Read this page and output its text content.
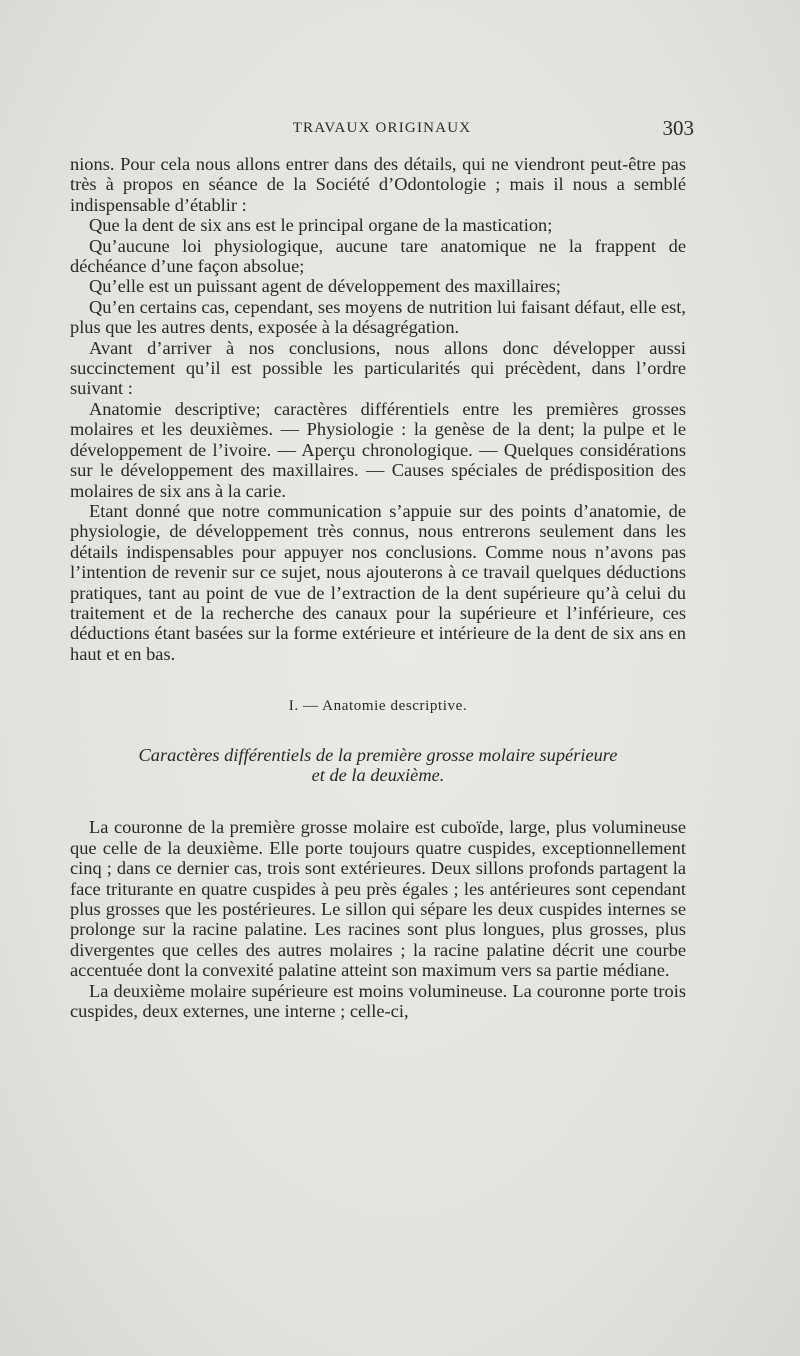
TRAVAUX ORIGINAUX	303

nions. Pour cela nous allons entrer dans des détails, qui ne viendront peut-être pas très à propos en séance de la Société d’Odontologie ; mais il nous a semblé indispensable d’établir :

Que la dent de six ans est le principal organe de la mastication;

Qu’aucune loi physiologique, aucune tare anatomique ne la frappent de déchéance d’une façon absolue;

Qu’elle est un puissant agent de développement des maxillaires;

Qu’en certains cas, cependant, ses moyens de nutrition lui faisant défaut, elle est, plus que les autres dents, exposée à la désagrégation.

Avant d’arriver à nos conclusions, nous allons donc développer aussi succinctement qu’il est possible les particularités qui précèdent, dans l’ordre suivant :

Anatomie descriptive; caractères différentiels entre les premières grosses molaires et les deuxièmes. — Physiologie : la genèse de la dent; la pulpe et le développement de l’ivoire. — Aperçu chronologique. — Quelques considérations sur le développement des maxillaires. — Causes spéciales de prédisposition des molaires de six ans à la carie.

Etant donné que notre communication s’appuie sur des points d’anatomie, de physiologie, de développement très connus, nous entrerons seulement dans les détails indispensables pour appuyer nos conclusions. Comme nous n’avons pas l’intention de revenir sur ce sujet, nous ajouterons à ce travail quelques déductions pratiques, tant au point de vue de l’extraction de la dent supérieure qu’à celui du traitement et de la recherche des canaux pour la supérieure et l’inférieure, ces déductions étant basées sur la forme extérieure et intérieure de la dent de six ans en haut et en bas.

I. — Anatomie descriptive.
Caractères différentiels de la première grosse molaire supérieure
et de la deuxième.

La couronne de la première grosse molaire est cuboïde, large, plus volumineuse que celle de la deuxième. Elle porte toujours quatre cuspides, exceptionnellement cinq ; dans ce dernier cas, trois sont extérieures. Deux sillons profonds partagent la face triturante en quatre cuspides à peu près égales ; les antérieures sont cependant plus grosses que les postérieures. Le sillon qui sépare les deux cuspides internes se prolonge sur la racine palatine. Les racines sont plus longues, plus grosses, plus divergentes que celles des autres molaires ; la racine palatine décrit une courbe accentuée dont la convexité palatine atteint son maximum vers sa partie médiane.

La deuxième molaire supérieure est moins volumineuse. La couronne porte trois cuspides, deux externes, une interne ; celle-ci,
